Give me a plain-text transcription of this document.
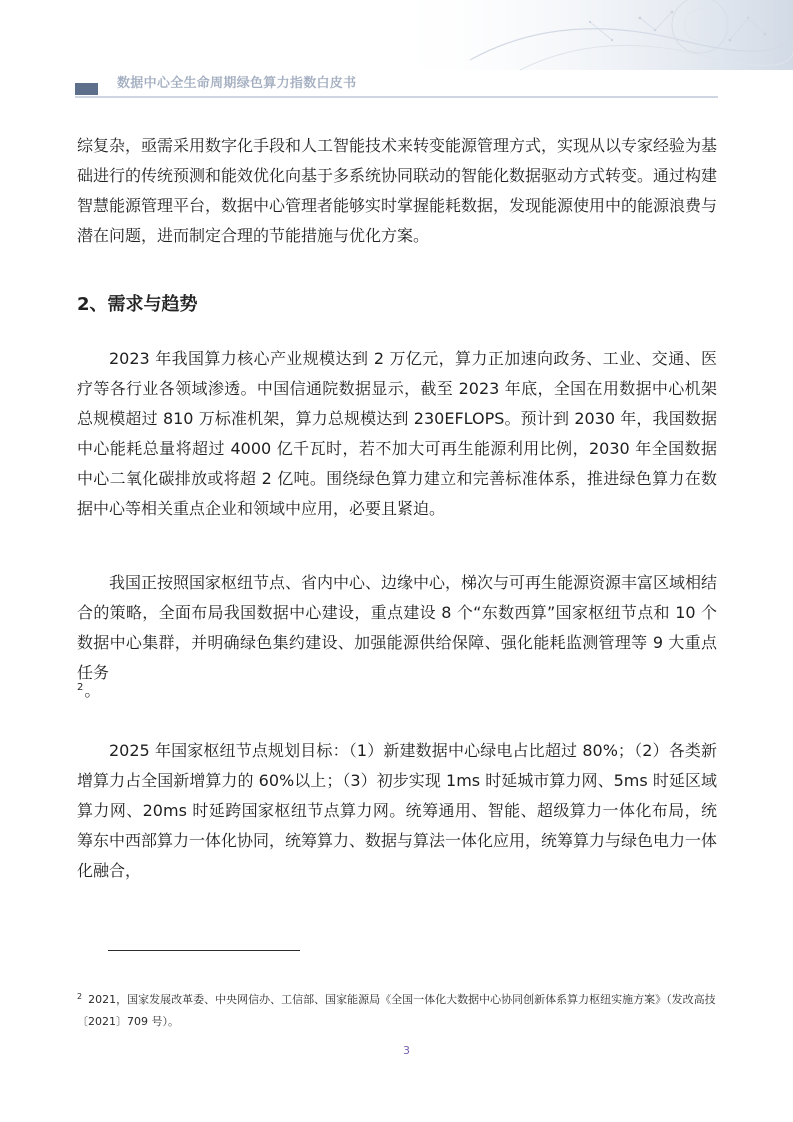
数据中心全生命周期绿色算力指数白皮书

综复杂，亟需采用数字化手段和人工智能技术来转变能源管理方式，实现从以专家经验为基础进行的传统预测和能效优化向基于多系统协同联动的智能化数据驱动方式转变。通过构建智慧能源管理平台，数据中心管理者能够实时掌握能耗数据，发现能源使用中的能源浪费与潜在问题，进而制定合理的节能措施与优化方案。

2、需求与趋势

2023 年我国算力核心产业规模达到 2 万亿元，算力正加速向政务、工业、交通、医疗等各行业各领域渗透。中国信通院数据显示，截至 2023 年底，全国在用数据中心机架总规模超过 810 万标准机架，算力总规模达到 230EFLOPS。预计到 2030 年，我国数据中心能耗总量将超过 4000 亿千瓦时，若不加大可再生能源利用比例，2030 年全国数据中心二氧化碳排放或将超 2 亿吨。围绕绿色算力建立和完善标准体系，推进绿色算力在数据中心等相关重点企业和领域中应用，必要且紧迫。

我国正按照国家枢纽节点、省内中心、边缘中心，梯次与可再生能源资源丰富区域相结合的策略，全面布局我国数据中心建设，重点建设 8 个“东数西算”国家枢纽节点和 10 个数据中心集群，并明确绿色集约建设、加强能源供给保障、强化能耗监测管理等 9 大重点任务

$^2$。

2025 年国家枢纽节点规划目标：（1）新建数据中心绿电占比超过 80%；（2）各类新增算力占全国新增算力的 60%以上；（3）初步实现 1ms 时延城市算力网、5ms 时延区域算力网、20ms 时延跨国家枢纽节点算力网。统筹通用、智能、超级算力一体化布局，统筹东中西部算力一体化协同，统筹算力、数据与算法一体化应用，统筹算力与绿色电力一体化融合，

$^2$ 2021，国家发展改革委、中央网信办、工信部、国家能源局《全国一体化大数据中心协同创新体系算力枢纽实施方案》（发改高技〔2021〕709 号）。

3
